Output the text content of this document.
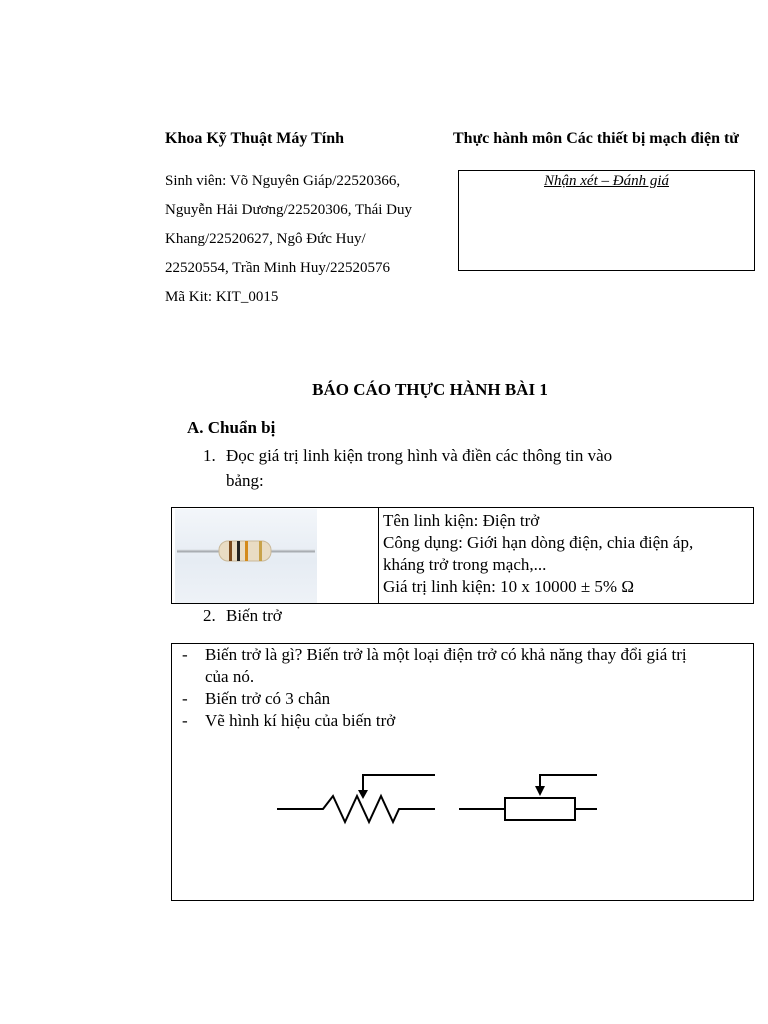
Khoa Kỹ Thuật Máy Tính	Thực hành môn Các thiết bị mạch điện tử
Sinh viên: Võ Nguyên Giáp/22520366,
Nguyễn Hải Dương/22520306, Thái Duy
Khang/22520627, Ngô Đức Huy/
22520554, Trần Minh Huy/22520576
Mã Kit: KIT_0015
Nhận xét – Đánh giá
BÁO CÁO THỰC HÀNH BÀI 1
A. Chuẩn bị
1. Đọc giá trị linh kiện trong hình và điền các thông tin vào
bảng:
Tên linh kiện: Điện trở
Công dụng: Giới hạn dòng điện, chia điện áp,
kháng trở trong mạch,...
Giá trị linh kiện: 10 x 10000 ± 5% Ω
2. Biến trở
-	Biến trở là gì? Biến trở là một loại điện trở có khả năng thay đổi giá trị
của nó.
-	Biến trở có 3 chân
-	Vẽ hình kí hiệu của biến trở
